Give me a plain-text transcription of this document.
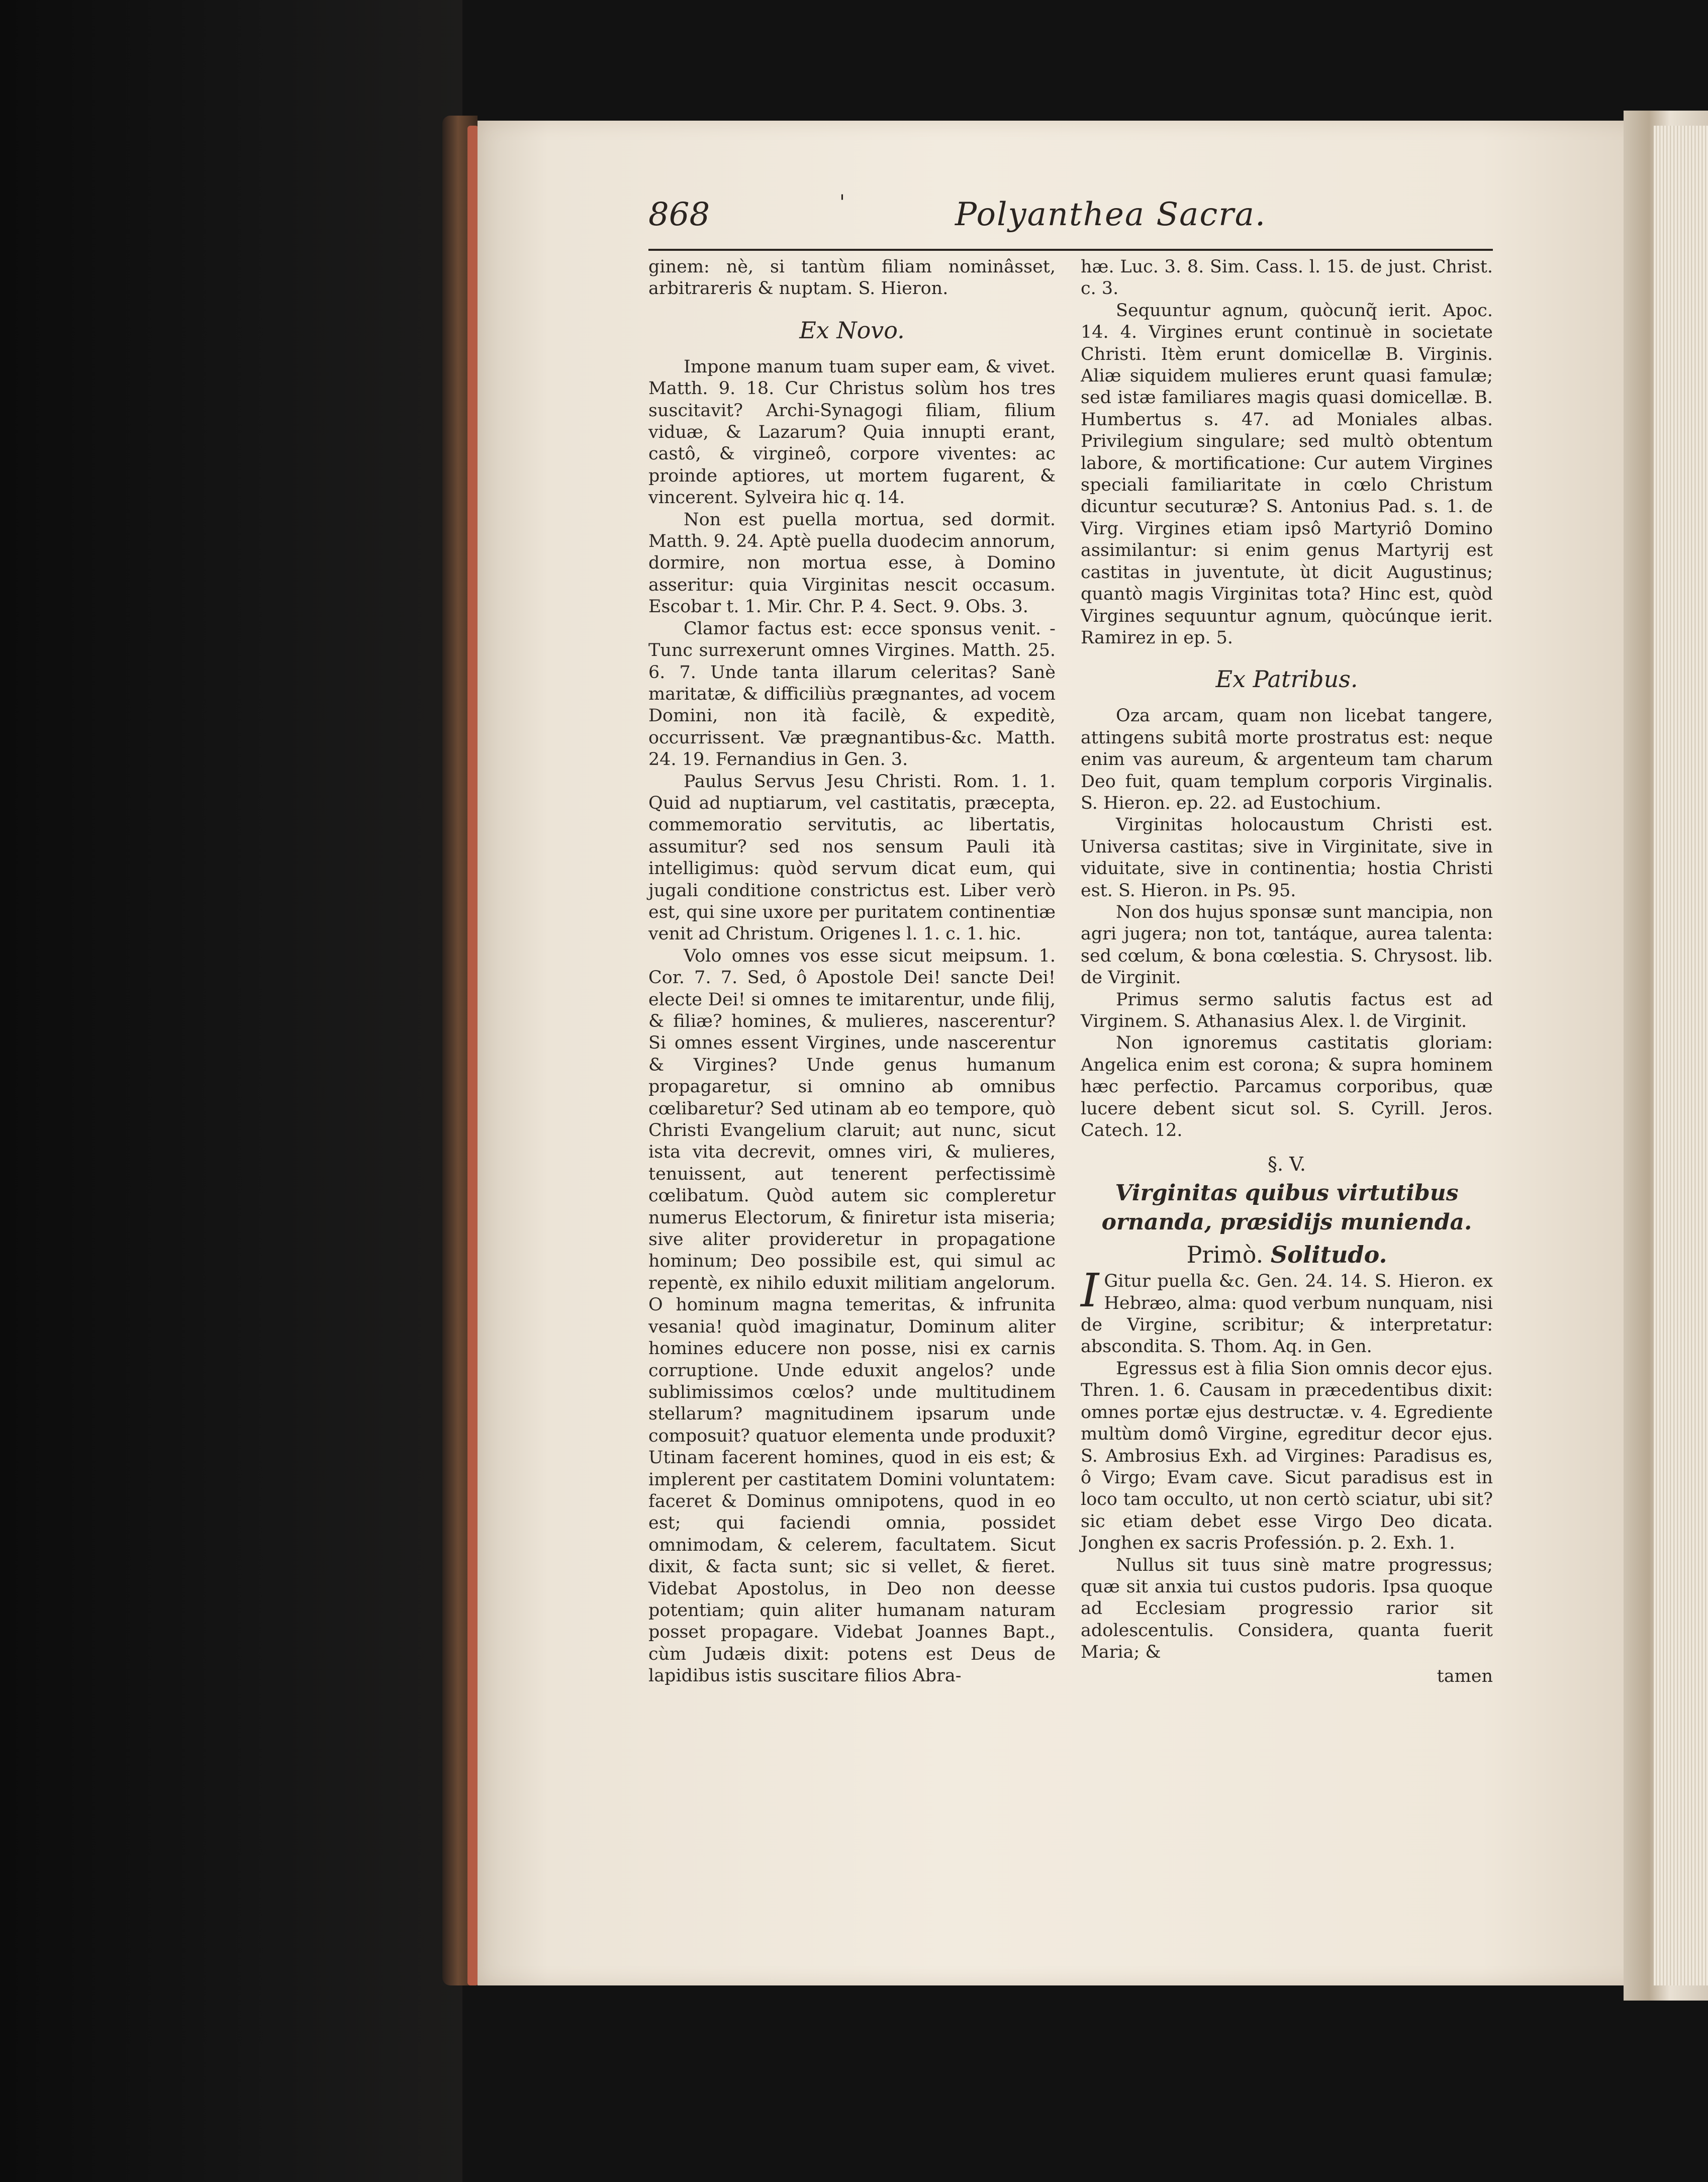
868	'	Polyanthea Sacra.

ginem: nè, si tantùm filiam nominâsset, arbitrareris & nuptam. S. Hieron.

Ex Novo.

Impone manum tuam super eam, & vivet. Matth. 9. 18. Cur Christus solùm hos tres suscitavit? Archi-Synagogi filiam, filium viduæ, & Lazarum? Quia innupti erant, castô, & virgineô, corpore viventes: ac proinde aptiores, ut mortem fugarent, & vincerent. Sylveira hic q. 14.

Non est puella mortua, sed dormit. Matth. 9. 24. Aptè puella duodecim annorum, dormire, non mortua esse, à Domino asseritur: quia Virginitas nescit occasum. Escobar t. 1. Mir. Chr. P. 4. Sect. 9. Obs. 3.

Clamor factus est: ecce sponsus venit. - Tunc surrexerunt omnes Virgines. Matth. 25. 6. 7. Unde tanta illarum celeritas? Sanè maritatæ, & difficiliùs prægnantes, ad vocem Domini, non ità facilè, & expeditè, occurrissent. Væ prægnantibus-&c. Matth. 24. 19. Fernandius in Gen. 3.

Paulus Servus Jesu Christi. Rom. 1. 1. Quid ad nuptiarum, vel castitatis, præcepta, commemoratio servitutis, ac libertatis, assumitur? sed nos sensum Pauli ità intelligimus: quòd servum dicat eum, qui jugali conditione constrictus est. Liber verò est, qui sine uxore per puritatem continentiæ venit ad Christum. Origenes l. 1. c. 1. hic.

Volo omnes vos esse sicut meipsum. 1. Cor. 7. 7. Sed, ô Apostole Dei! sancte Dei! electe Dei! si omnes te imitarentur, unde filij, & filiæ? homines, & mulieres, nascerentur? Si omnes essent Virgines, unde nascerentur & Virgines? Unde genus humanum propagaretur, si omnino ab omnibus cœlibaretur? Sed utinam ab eo tempore, quò Christi Evangelium claruit; aut nunc, sicut ista vita decrevit, omnes viri, & mulieres, tenuissent, aut tenerent perfectissimè cœlibatum. Quòd autem sic compleretur numerus Electorum, & finiretur ista miseria; sive aliter provideretur in propagatione hominum; Deo possibile est, qui simul ac repentè, ex nihilo eduxit militiam angelorum. O hominum magna temeritas, & infrunita vesania! quòd imaginatur, Dominum aliter homines educere non posse, nisi ex carnis corruptione. Unde eduxit angelos? unde sublimissimos cœlos? unde multitudinem stellarum? magnitudinem ipsarum unde composuit? quatuor elementa unde produxit? Utinam facerent homines, quod in eis est; & implerent per castitatem Domini voluntatem: faceret & Dominus omnipotens, quod in eo est; qui faciendi omnia, possidet omnimodam, & celerem, facultatem. Sicut dixit, & facta sunt; sic si vellet, & fieret. Videbat Apostolus, in Deo non deesse potentiam; quin aliter humanam naturam posset propagare. Videbat Joannes Bapt., cùm Judæis dixit: potens est Deus de lapidibus istis suscitare filios Abra-

hæ. Luc. 3. 8. Sim. Cass. l. 15. de just. Christ. c. 3.

Sequuntur agnum, quòcunq̃ ierit. Apoc. 14. 4. Virgines erunt continuè in societate Christi. Itèm erunt domicellæ B. Virginis. Aliæ siquidem mulieres erunt quasi famulæ; sed istæ familiares magis quasi domicellæ. B. Humbertus s. 47. ad Moniales albas. Privilegium singulare; sed multò obtentum labore, & mortificatione: Cur autem Virgines speciali familiaritate in cœlo Christum dicuntur secuturæ? S. Antonius Pad. s. 1. de Virg. Virgines etiam ipsô Martyriô Domino assimilantur: si enim genus Martyrij est castitas in juventute, ùt dicit Augustinus; quantò magis Virginitas tota? Hinc est, quòd Virgines sequuntur agnum, quòcúnque ierit. Ramirez in ep. 5.

Ex Patribus.

Oza arcam, quam non licebat tangere, attingens subitâ morte prostratus est: neque enim vas aureum, & argenteum tam charum Deo fuit, quam templum corporis Virginalis. S. Hieron. ep. 22. ad Eustochium.

Virginitas holocaustum Christi est. Universa castitas; sive in Virginitate, sive in viduitate, sive in continentia; hostia Christi est. S. Hieron. in Ps. 95.

Non dos hujus sponsæ sunt mancipia, non agri jugera; non tot, tantáque, aurea talenta: sed cœlum, & bona cœlestia. S. Chrysost. lib. de Virginit.

Primus sermo salutis factus est ad Virginem. S. Athanasius Alex. l. de Virginit.

Non ignoremus castitatis gloriam: Angelica enim est corona; & supra hominem hæc perfectio. Parcamus corporibus, quæ lucere debent sicut sol. S. Cyrill. Jeros. Catech. 12.

§. V.
Virginitas quibus virtutibus ornanda, præsidijs munienda.
Primò. Solitudo.

I Gitur puella &c. Gen. 24. 14. S. Hieron. ex Hebræo, alma: quod verbum nunquam, nisi de Virgine, scribitur; & interpretatur: abscondita. S. Thom. Aq. in Gen.

Egressus est à filia Sion omnis decor ejus. Thren. 1. 6. Causam in præcedentibus dixit: omnes portæ ejus destructæ. v. 4. Egrediente multùm domô Virgine, egreditur decor ejus. S. Ambrosius Exh. ad Virgines: Paradisus es, ô Virgo; Evam cave. Sicut paradisus est in loco tam occulto, ut non certò sciatur, ubi sit? sic etiam debet esse Virgo Deo dicata. Jonghen ex sacris Professión. p. 2. Exh. 1.

Nullus sit tuus sinè matre progressus; quæ sit anxia tui custos pudoris. Ipsa quoque ad Ecclesiam progressio rarior sit adolescentulis. Considera, quanta fuerit Maria; &

tamen
